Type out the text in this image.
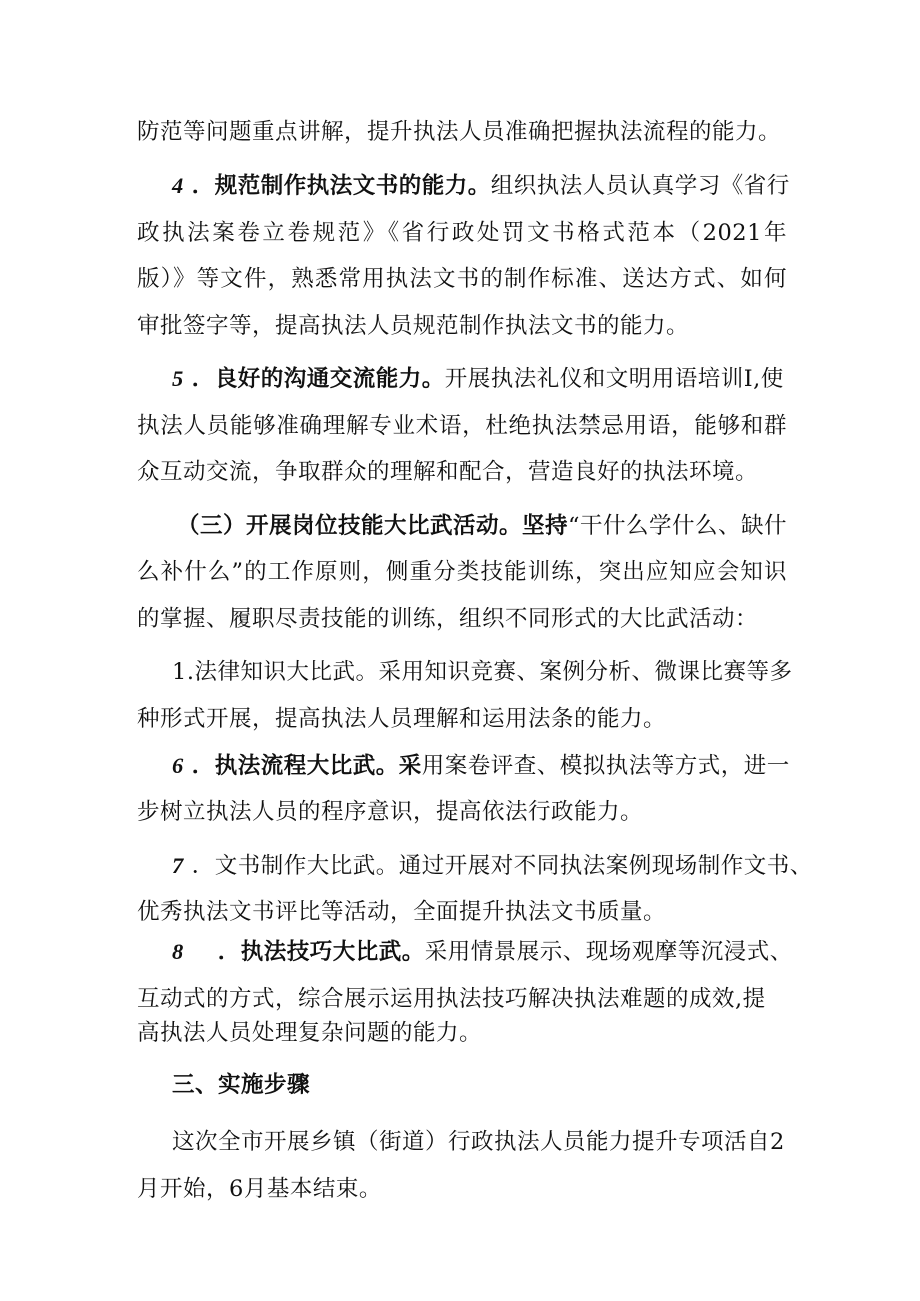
防范等问题重点讲解，提升执法人员准确把握执法流程的能力。
4 ．规范制作执法文书的能力。组织执法人员认真学习《省行
政执法案卷立卷规范》《省行政处罚文书格式范本（2021年
版）》等文件，熟悉常用执法文书的制作标准、送达方式、如何
审批签字等，提高执法人员规范制作执法文书的能力。
5 ．良好的沟通交流能力。开展执法礼仪和文明用语培训Ⅰ,使
执法人员能够准确理解专业术语，杜绝执法禁忌用语，能够和群
众互动交流，争取群众的理解和配合，营造良好的执法环境。
（三）开展岗位技能大比武活动。坚持“干什么学什么、缺什
么补什么”的工作原则，侧重分类技能训练，突出应知应会知识
的掌握、履职尽责技能的训练，组织不同形式的大比武活动：
1.法律知识大比武。采用知识竞赛、案例分析、微课比赛等多
种形式开展，提高执法人员理解和运用法条的能力。
6 ．执法流程大比武。采用案卷评查、模拟执法等方式，进一
步树立执法人员的程序意识，提高依法行政能力。
7 ．文书制作大比武。通过开展对不同执法案例现场制作文书、
优秀执法文书评比等活动，全面提升执法文书质量。
8 ．执法技巧大比武。采用情景展示、现场观摩等沉浸式、
互动式的方式，综合展示运用执法技巧解决执法难题的成效,提
高执法人员处理复杂问题的能力。
三、实施步骤
这次全市开展乡镇（街道）行政执法人员能力提升专项活自2
月开始，6月基本结束。
